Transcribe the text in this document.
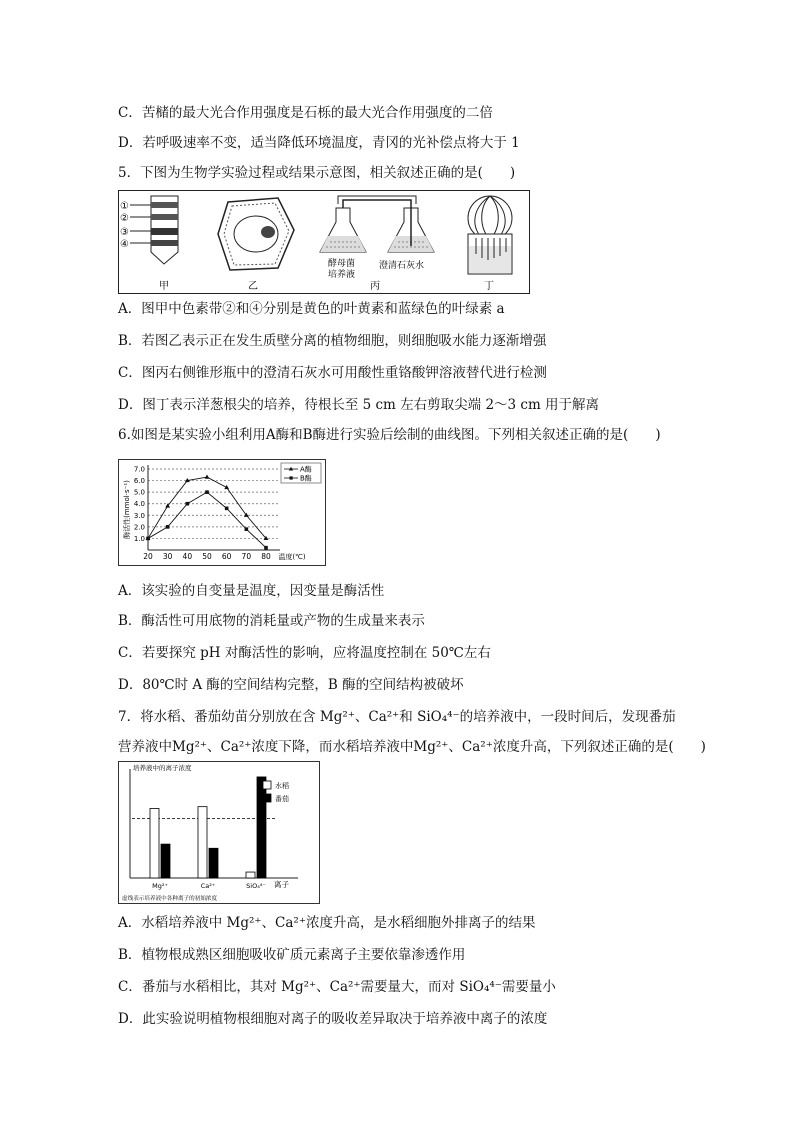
C．苦槠的最大光合作用强度是石栎的最大光合作用强度的二倍
D．若呼吸速率不变，适当降低环境温度，青冈的光补偿点将大于 1
5．下图为生物学实验过程或结果示意图，相关叙述正确的是(　　)
①
②
③
④
甲	乙
酵母菌
培养液
澄清石灰水
丙	丁
A．图甲中色素带②和④分别是黄色的叶黄素和蓝绿色的叶绿素 a
B．若图乙表示正在发生质壁分离的植物细胞，则细胞吸水能力逐渐增强
C．图丙右侧锥形瓶中的澄清石灰水可用酸性重铬酸钾溶液替代进行检测
D．图丁表示洋葱根尖的培养，待根长至 5 cm 左右剪取尖端 2～3 cm 用于解离
6.如图是某实验小组利用A酶和B酶进行实验后绘制的曲线图。下列相关叙述正确的是(　　)
1.0
2.0
3.0
4.0
5.0
6.0
7.0
20 30 40 50 60 70 80 温度(℃)
酶活性(mmol·s⁻¹)
A酶
B酶
A．该实验的自变量是温度，因变量是酶活性
B．酶活性可用底物的消耗量或产物的生成量来表示
C．若要探究 pH 对酶活性的影响，应将温度控制在 50℃左右
D．80℃时 A 酶的空间结构完整，B 酶的空间结构被破坏
7．将水稻、番茄幼苗分别放在含 Mg²⁺、Ca²⁺和 SiO₄⁴⁻的培养液中，一段时间后，发现番茄
营养液中Mg²⁺、Ca²⁺浓度下降，而水稻培养液中Mg²⁺、Ca²⁺浓度升高，下列叙述正确的是(　　)
培养液中的离子浓度
离子
虚线表示培养液中各种离子的初始浓度
Mg²⁺	Ca²⁺	SiO₄⁴⁻
水稻
番茄
A．水稻培养液中 Mg²⁺、Ca²⁺浓度升高，是水稻细胞外排离子的结果
B．植物根成熟区细胞吸收矿质元素离子主要依靠渗透作用
C．番茄与水稻相比，其对 Mg²⁺、Ca²⁺需要量大，而对 SiO₄⁴⁻需要量小
D．此实验说明植物根细胞对离子的吸收差异取决于培养液中离子的浓度
